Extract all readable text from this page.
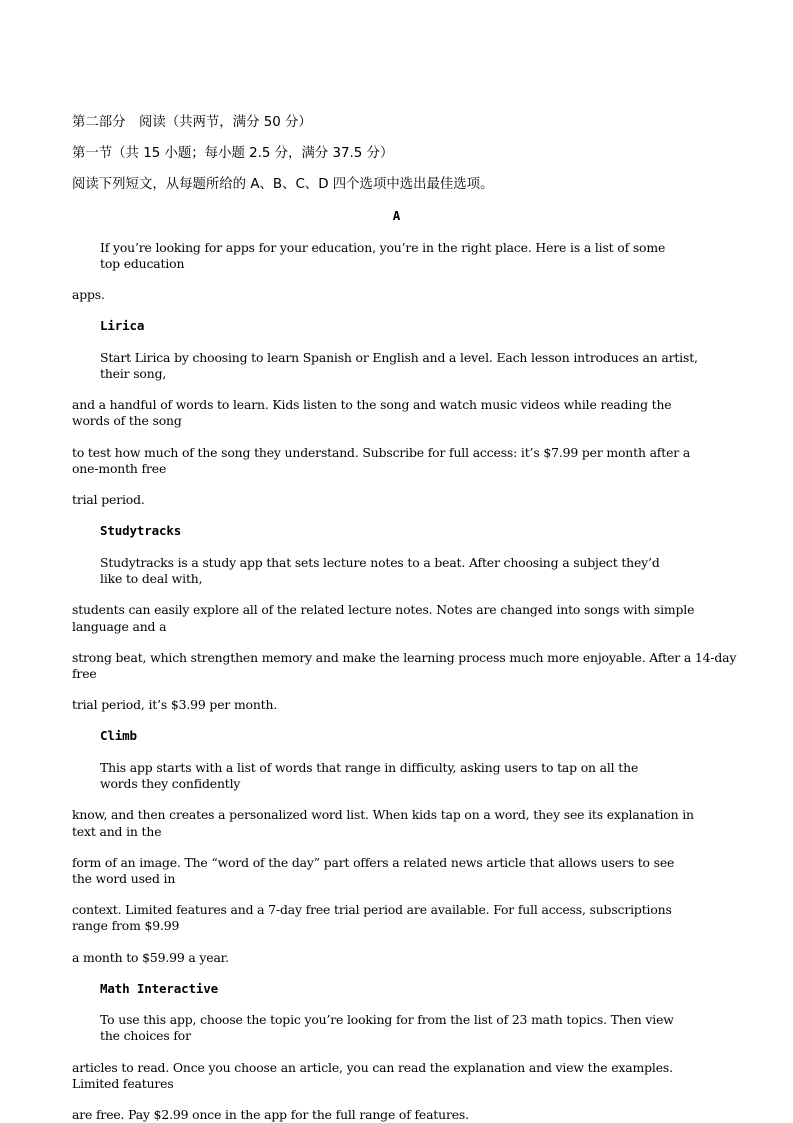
第二部分　阅读（共两节，满分 50 分）
第一节（共 15 小题；每小题 2.5 分，满分 37.5 分）
阅读下列短文，从每题所给的 A、B、C、D 四个选项中选出最佳选项。
A
If you’re looking for apps for your education, you’re in the right place. Here is a list of some
top education
apps.
Lirica
Start Lirica by choosing to learn Spanish or English and a level. Each lesson introduces an artist,
their song,
and a handful of words to learn. Kids listen to the song and watch music videos while reading the
words of the song
to test how much of the song they understand. Subscribe for full access: it’s $7.99 per month after a
one-month free
trial period.
Studytracks
Studytracks is a study app that sets lecture notes to a beat. After choosing a subject they’d
like to deal with,
students can easily explore all of the related lecture notes. Notes are changed into songs with simple
language and a
strong beat, which strengthen memory and make the learning process much more enjoyable. After a 14-day
free
trial period, it’s $3.99 per month.
Climb
This app starts with a list of words that range in difficulty, asking users to tap on all the
words they confidently
know, and then creates a personalized word list. When kids tap on a word, they see its explanation in
text and in the
form of an image. The “word of the day” part offers a related news article that allows users to see
the word used in
context. Limited features and a 7-day free trial period are available. For full access, subscriptions
range from $9.99
a month to $59.99 a year.
Math Interactive
To use this app, choose the topic you’re looking for from the list of 23 math topics. Then view
the choices for
articles to read. Once you choose an article, you can read the explanation and view the examples.
Limited features
are free. Pay $2.99 once in the app for the full range of features.
